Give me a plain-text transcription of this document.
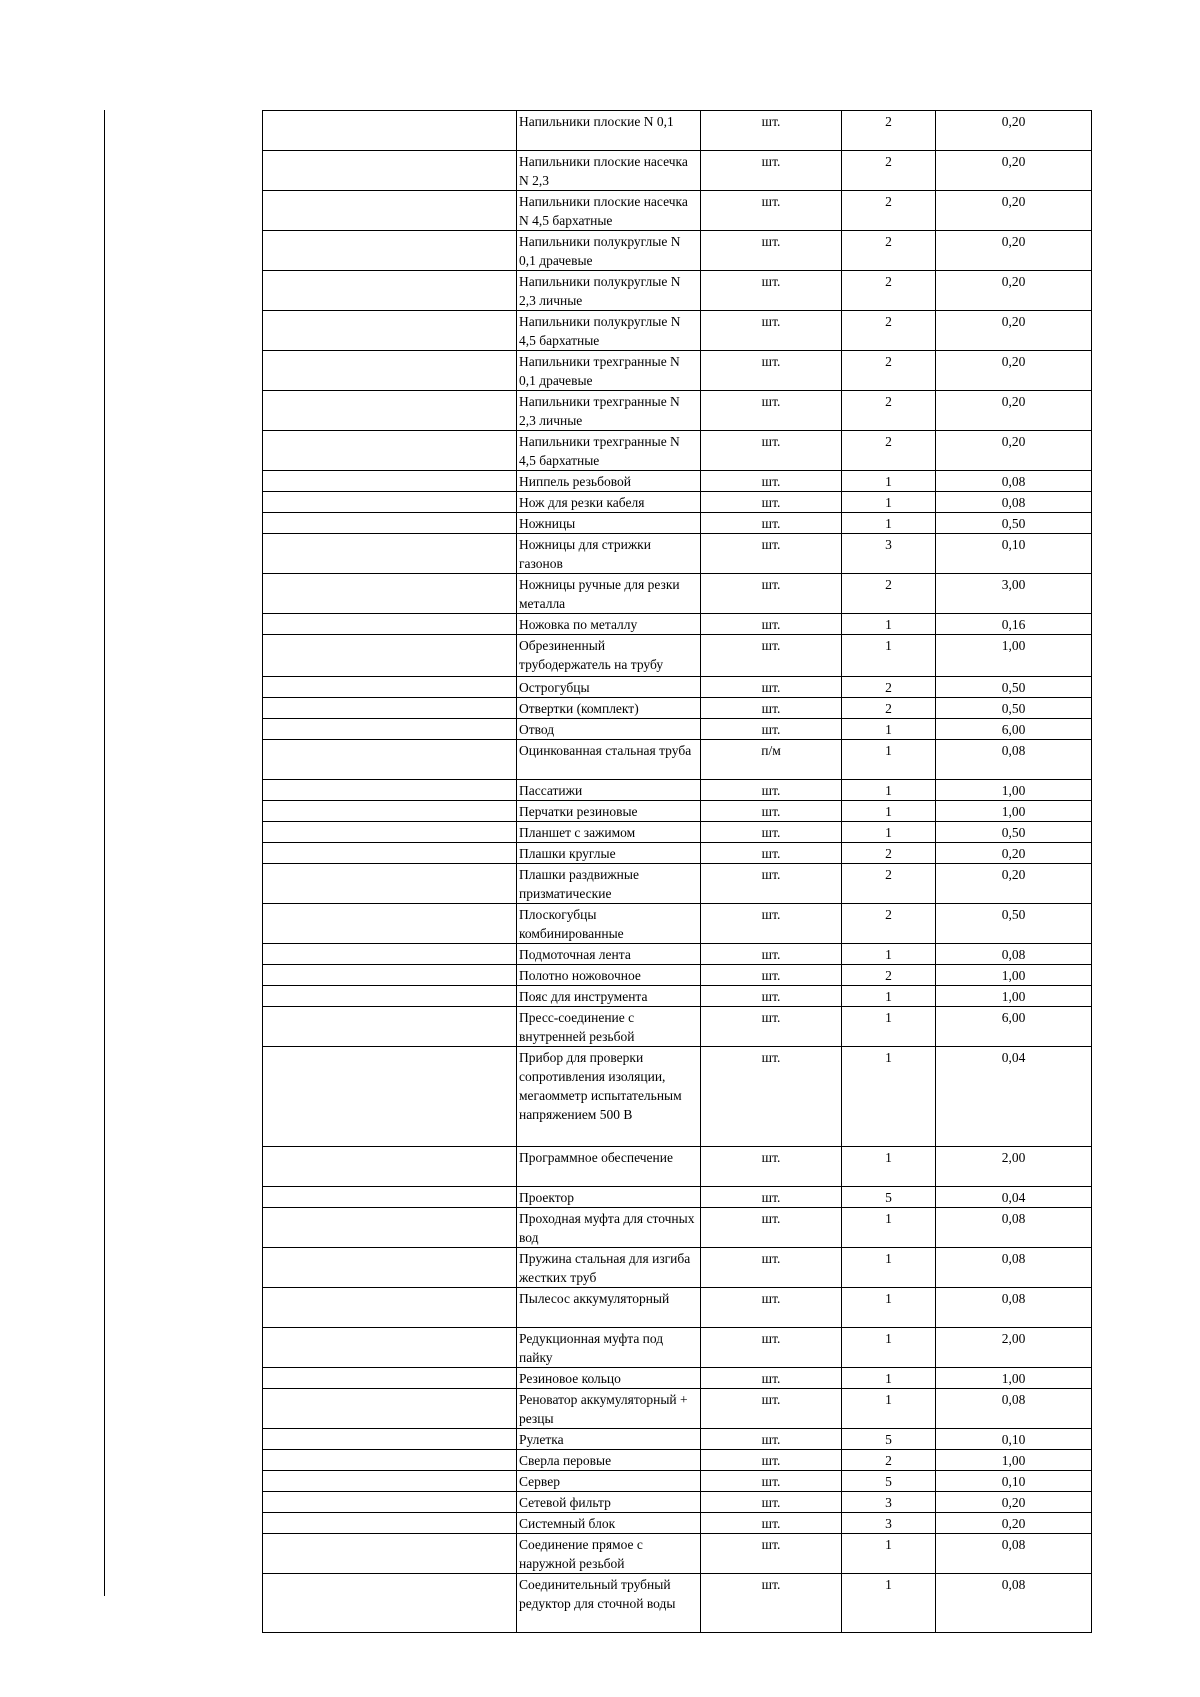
	Напильники плоские N 0,1	шт.	2	0,20
	Напильники плоские насечка N 2,3	шт.	2	0,20
	Напильники плоские насечка N 4,5 бархатные	шт.	2	0,20
	Напильники полукруглые N 0,1 драчевые	шт.	2	0,20
	Напильники полукруглые N 2,3 личные	шт.	2	0,20
	Напильники полукруглые N 4,5 бархатные	шт.	2	0,20
	Напильники трехгранные N 0,1 драчевые	шт.	2	0,20
	Напильники трехгранные N 2,3 личные	шт.	2	0,20
	Напильники трехгранные N 4,5 бархатные	шт.	2	0,20
	Ниппель резьбовой	шт.	1	0,08
	Нож для резки кабеля	шт.	1	0,08
	Ножницы	шт.	1	0,50
	Ножницы для стрижки газонов	шт.	3	0,10
	Ножницы ручные для резки металла	шт.	2	3,00
	Ножовка по металлу	шт.	1	0,16
	Обрезиненный трубодержатель на трубу	шт.	1	1,00
	Острогубцы	шт.	2	0,50
	Отвертки (комплект)	шт.	2	0,50
	Отвод	шт.	1	6,00
	Оцинкованная стальная труба	п/м	1	0,08
	Пассатижи	шт.	1	1,00
	Перчатки резиновые	шт.	1	1,00
	Планшет с зажимом	шт.	1	0,50
	Плашки круглые	шт.	2	0,20
	Плашки раздвижные призматические	шт.	2	0,20
	Плоскогубцы комбинированные	шт.	2	0,50
	Подмоточная лента	шт.	1	0,08
	Полотно ножовочное	шт.	2	1,00
	Пояс для инструмента	шт.	1	1,00
	Пресс-соединение с внутренней резьбой	шт.	1	6,00
	Прибор для проверки сопротивления изоляции, мегаомметр испытательным напряжением 500 В	шт.	1	0,04
	Программное обеспечение	шт.	1	2,00
	Проектор	шт.	5	0,04
	Проходная муфта для сточных вод	шт.	1	0,08
	Пружина стальная для изгиба жестких труб	шт.	1	0,08
	Пылесос аккумуляторный	шт.	1	0,08
	Редукционная муфта под пайку	шт.	1	2,00
	Резиновое кольцо	шт.	1	1,00
	Реноватор аккумуляторный + резцы	шт.	1	0,08
	Рулетка	шт.	5	0,10
	Сверла перовые	шт.	2	1,00
	Сервер	шт.	5	0,10
	Сетевой фильтр	шт.	3	0,20
	Системный блок	шт.	3	0,20
	Соединение прямое с наружной резьбой	шт.	1	0,08
	Соединительный трубный редуктор для сточной воды	шт.	1	0,08
